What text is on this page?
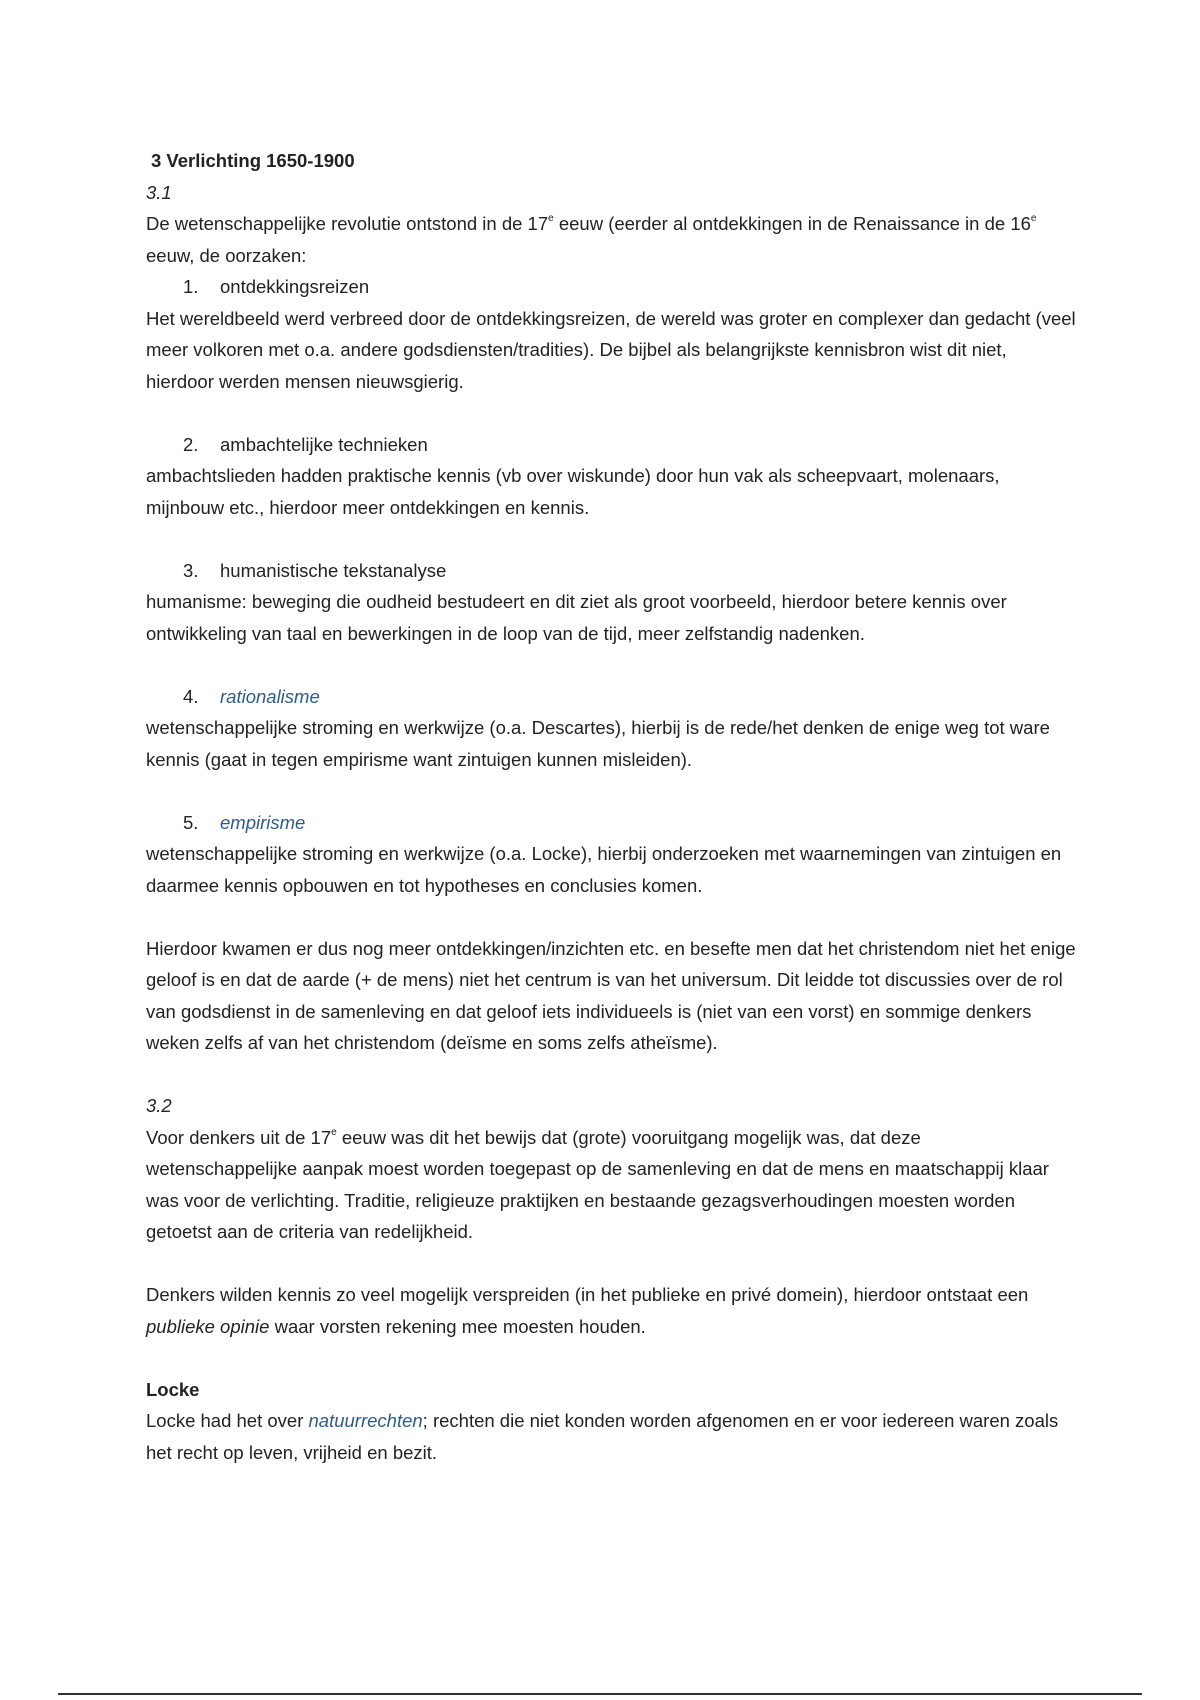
3 Verlichting 1650-1900

3.1

De wetenschappelijke revolutie ontstond in de 17e eeuw (eerder al ontdekkingen in de Renaissance in de 16e eeuw, de oorzaken:

1. ontdekkingsreizen

Het wereldbeeld werd verbreed door de ontdekkingsreizen, de wereld was groter en complexer dan gedacht (veel meer volkoren met o.a. andere godsdiensten/tradities). De bijbel als belangrijkste kennisbron wist dit niet, hierdoor werden mensen nieuwsgierig.

2. ambachtelijke technieken

ambachtslieden hadden praktische kennis (vb over wiskunde) door hun vak als scheepvaart, molenaars, mijnbouw etc., hierdoor meer ontdekkingen en kennis.

3. humanistische tekstanalyse

humanisme: beweging die oudheid bestudeert en dit ziet als groot voorbeeld, hierdoor betere kennis over ontwikkeling van taal en bewerkingen in de loop van de tijd, meer zelfstandig nadenken.

4. rationalisme

wetenschappelijke stroming en werkwijze (o.a. Descartes), hierbij is de rede/het denken de enige weg tot ware kennis (gaat in tegen empirisme want zintuigen kunnen misleiden).

5. empirisme

wetenschappelijke stroming en werkwijze (o.a. Locke), hierbij onderzoeken met waarnemingen van zintuigen en daarmee kennis opbouwen en tot hypotheses en conclusies komen.

Hierdoor kwamen er dus nog meer ontdekkingen/inzichten etc. en besefte men dat het christendom niet het enige geloof is en dat de aarde (+ de mens) niet het centrum is van het universum. Dit leidde tot discussies over de rol van godsdienst in de samenleving en dat geloof iets individueels is (niet van een vorst) en sommige denkers weken zelfs af van het christendom (deïsme en soms zelfs atheïsme).

3.2

Voor denkers uit de 17e eeuw was dit het bewijs dat (grote) vooruitgang mogelijk was, dat deze wetenschappelijke aanpak moest worden toegepast op de samenleving en dat de mens en maatschappij klaar was voor de verlichting. Traditie, religieuze praktijken en bestaande gezagsverhoudingen moesten worden getoetst aan de criteria van redelijkheid.

Denkers wilden kennis zo veel mogelijk verspreiden (in het publieke en privé domein), hierdoor ontstaat een publieke opinie waar vorsten rekening mee moesten houden.

Locke

Locke had het over natuurrechten; rechten die niet konden worden afgenomen en er voor iedereen waren zoals het recht op leven, vrijheid en bezit.
